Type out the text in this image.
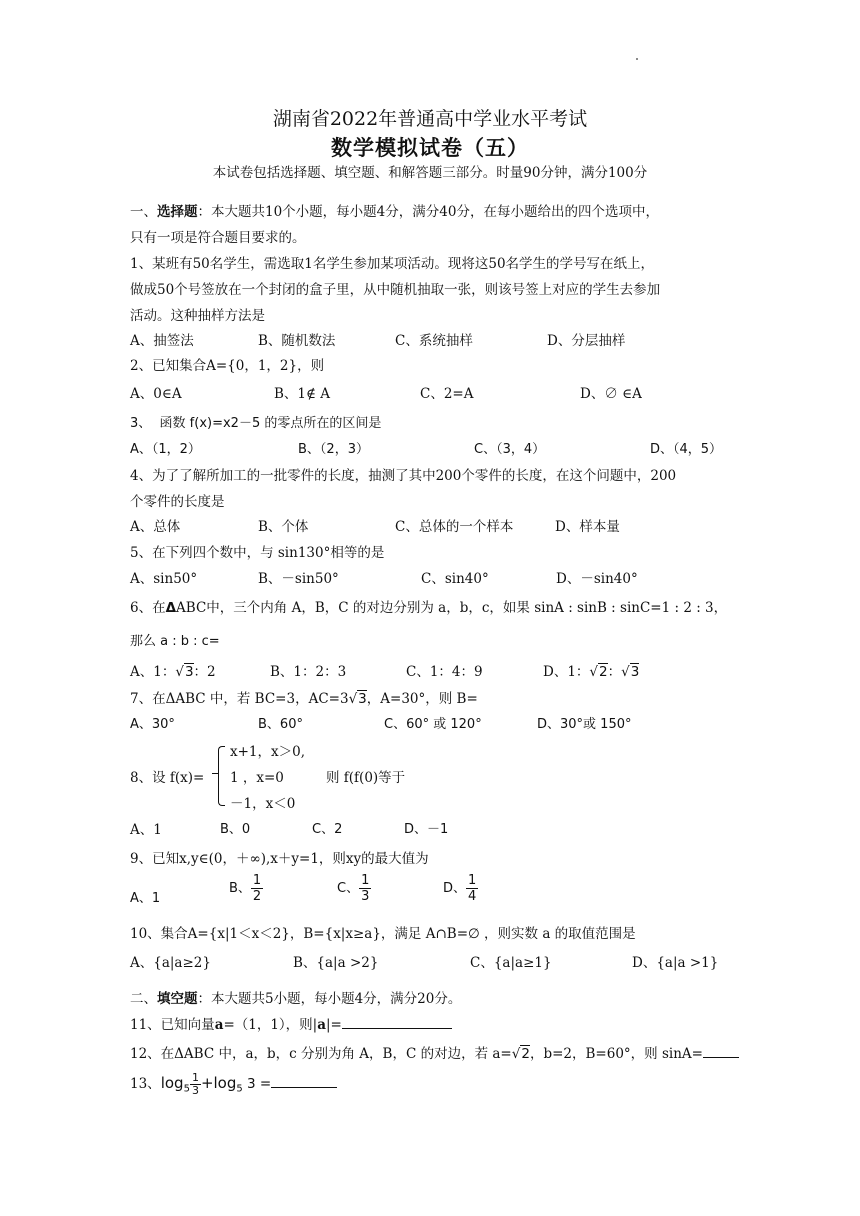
湖南省2022年普通高中学业水平考试
数学模拟试卷（五）
本试卷包括选择题、填空题、和解答题三部分。时量90分钟，满分100分
一、选择题：本大题共10个小题，每小题4分，满分40分，在每小题给出的四个选项中，
只有一项是符合题目要求的。
1、某班有50名学生，需选取1名学生参加某项活动。现将这50名学生的学号写在纸上，
做成50个号签放在一个封闭的盒子里，从中随机抽取一张，则该号签上对应的学生去参加
活动。这种抽样方法是
A、抽签法	B、随机数法	C、系统抽样	D、分层抽样
2、已知集合A={0，1，2}，则
A、0∈A	B、1∉ A	C、2=A	D、∅ ∈A
3、 函数 f(x)=x2－5 的零点所在的区间是
A、（1，2）	B、（2，3）	C、（3，4）	D、（4，5）
4、为了了解所加工的一批零件的长度，抽测了其中200个零件的长度，在这个问题中，200
个零件的长度是
A、总体	B、个体	C、总体的一个样本	D、样本量
5、在下列四个数中，与 sin130°相等的是
A、sin50°	B、－sin50°	C、sin40°	D、－sin40°
6、在ΔABC中，三个内角 A，B，C 的对边分别为 a，b，c，如果 sinA : sinB : sinC=1 : 2 : 3，
那么 a : b : c=
A、1：√3：2	B、1：2：3	C、1：4：9	D、1：√2：√3
7、在ΔABC 中，若 BC=3，AC=3√3，A=30°，则 B=
A、30°	B、60°	C、60° 或 120°	D、30°或 150°
8、设 f(x)=
x+1，x＞0,
1 ，x=0
－1，x＜0
则 f(f(0)等于
A、1	B、0	C、2	D、－1
9、已知x,y∈(0，＋∞),x＋y=1，则xy的最大值为
A、1
B、 $\frac{1}{2}$	C、 $\frac{1}{3}$	D、 $\frac{1}{4}$
10、集合A={x|1＜x＜2}，B={x|x≥a}，满足 A∩B=∅ ，则实数 a 的取值范围是
A、{a|a≥2}	B、{a|a >2}	C、{a|a≥1}	D、{a|a >1}
二、填空题：本大题共5小题，每小题4分，满分20分。
11、已知向量a=（1，1），则|a|=
12、在ΔABC 中，a，b，c 分别为角 A，B，C 的对边，若 a=√2，b=2，B=60°，则 sinA=
13、$\log_5 \frac{1}{3} +\log_5$ 3 =
